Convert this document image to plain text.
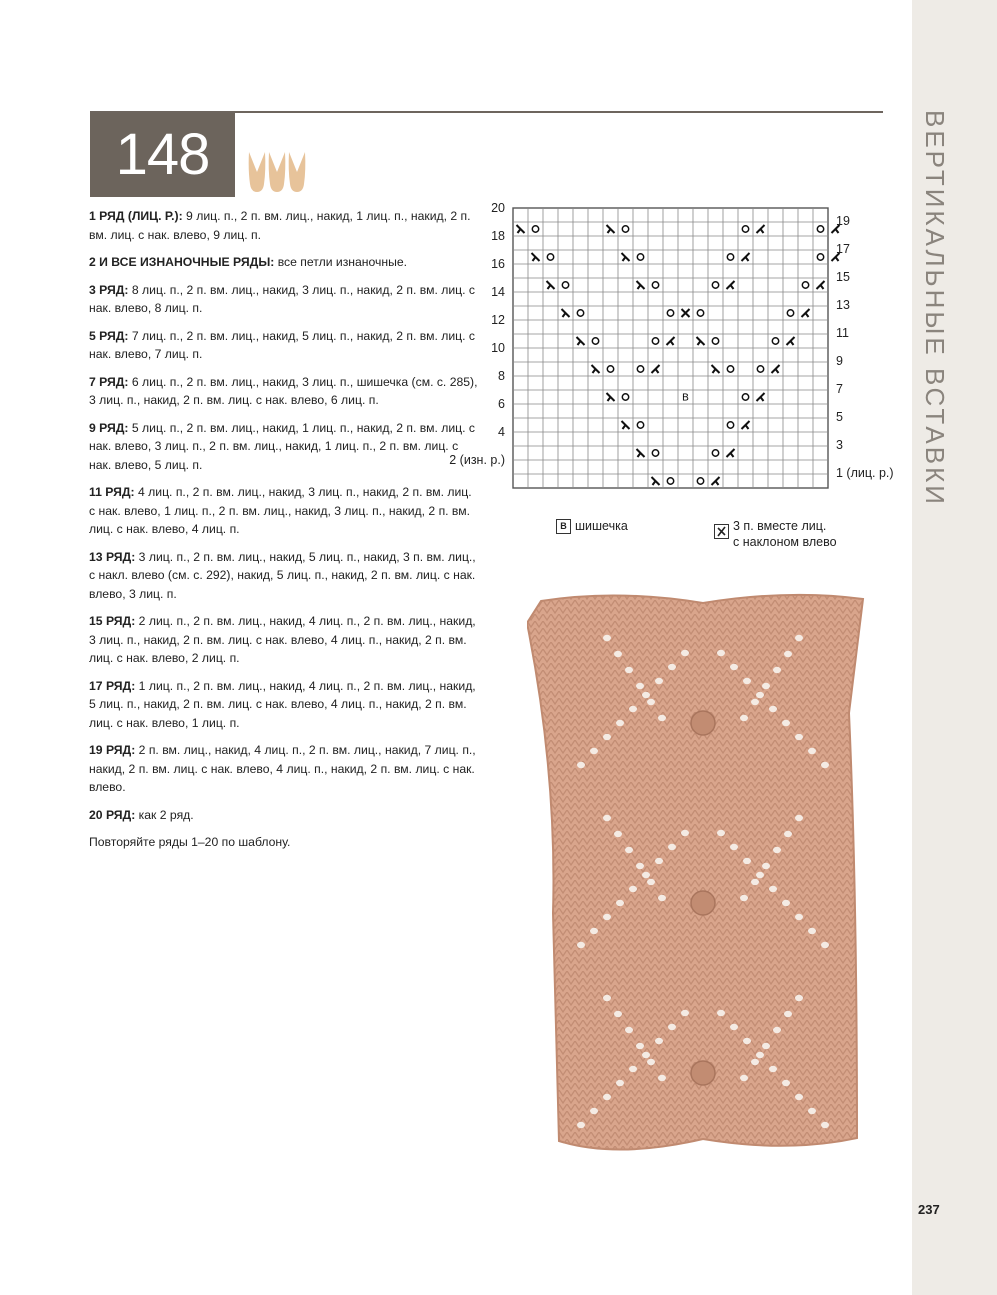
ВЕРТИКАЛЬНЫЕ ВСТАВКИ
148
1 РЯД (ЛИЦ. Р.): 9 лиц. п., 2 п. вм. лиц., накид, 1 лиц. п., накид, 2 п. вм. лиц. с нак. влево, 9 лиц. п.
2 И ВСЕ ИЗНАНОЧНЫЕ РЯДЫ: все петли изнаночные.
3 РЯД: 8 лиц. п., 2 п. вм. лиц., накид, 3 лиц. п., накид, 2 п. вм. лиц. с нак. влево, 8 лиц. п.
5 РЯД: 7 лиц. п., 2 п. вм. лиц., накид, 5 лиц. п., накид, 2 п. вм. лиц. с нак. влево, 7 лиц. п.
7 РЯД: 6 лиц. п., 2 п. вм. лиц., накид, 3 лиц. п., шишечка (см. с. 285), 3 лиц. п., накид, 2 п. вм. лиц. с нак. влево, 6 лиц. п.
9 РЯД: 5 лиц. п., 2 п. вм. лиц., накид, 1 лиц. п., накид, 2 п. вм. лиц. с нак. влево, 3 лиц. п., 2 п. вм. лиц., накид, 1 лиц. п., 2 п. вм. лиц. с нак. влево, 5 лиц. п.
11 РЯД: 4 лиц. п., 2 п. вм. лиц., накид, 3 лиц. п., накид, 2 п. вм. лиц. с нак. влево, 1 лиц. п., 2 п. вм. лиц., накид, 3 лиц. п., накид, 2 п. вм. лиц. с нак. влево, 4 лиц. п.
13 РЯД: 3 лиц. п., 2 п. вм. лиц., накид, 5 лиц. п., накид, 3 п. вм. лиц., с накл. влево (см. с. 292), накид, 5 лиц. п., накид, 2 п. вм. лиц. с нак. влево, 3 лиц. п.
15 РЯД: 2 лиц. п., 2 п. вм. лиц., накид, 4 лиц. п., 2 п. вм. лиц., накид, 3 лиц. п., накид, 2 п. вм. лиц. с нак. влево, 4 лиц. п., накид, 2 п. вм. лиц. с нак. влево, 2 лиц. п.
17 РЯД: 1 лиц. п., 2 п. вм. лиц., накид, 4 лиц. п., 2 п. вм. лиц., накид, 5 лиц. п., накид, 2 п. вм. лиц. с нак. влево, 4 лиц. п., накид, 2 п. вм. лиц. с нак. влево, 1 лиц. п.
19 РЯД: 2 п. вм. лиц., накид, 4 лиц. п., 2 п. вм. лиц., накид, 7 лиц. п., накид, 2 п. вм. лиц. с нак. влево, 4 лиц. п., накид, 2 п. вм. лиц. с нак. влево.
20 РЯД: как 2 ряд.
Повторяйте ряды 1–20 по шаблону.
B
20
18
16
14
12
10
8
6
4
2 (изн. р.)
19
17
15
13
11
9
7
5
3
1 (лиц. р.)
B шишечка	3 п. вместе лиц.
с наклоном влево
237
